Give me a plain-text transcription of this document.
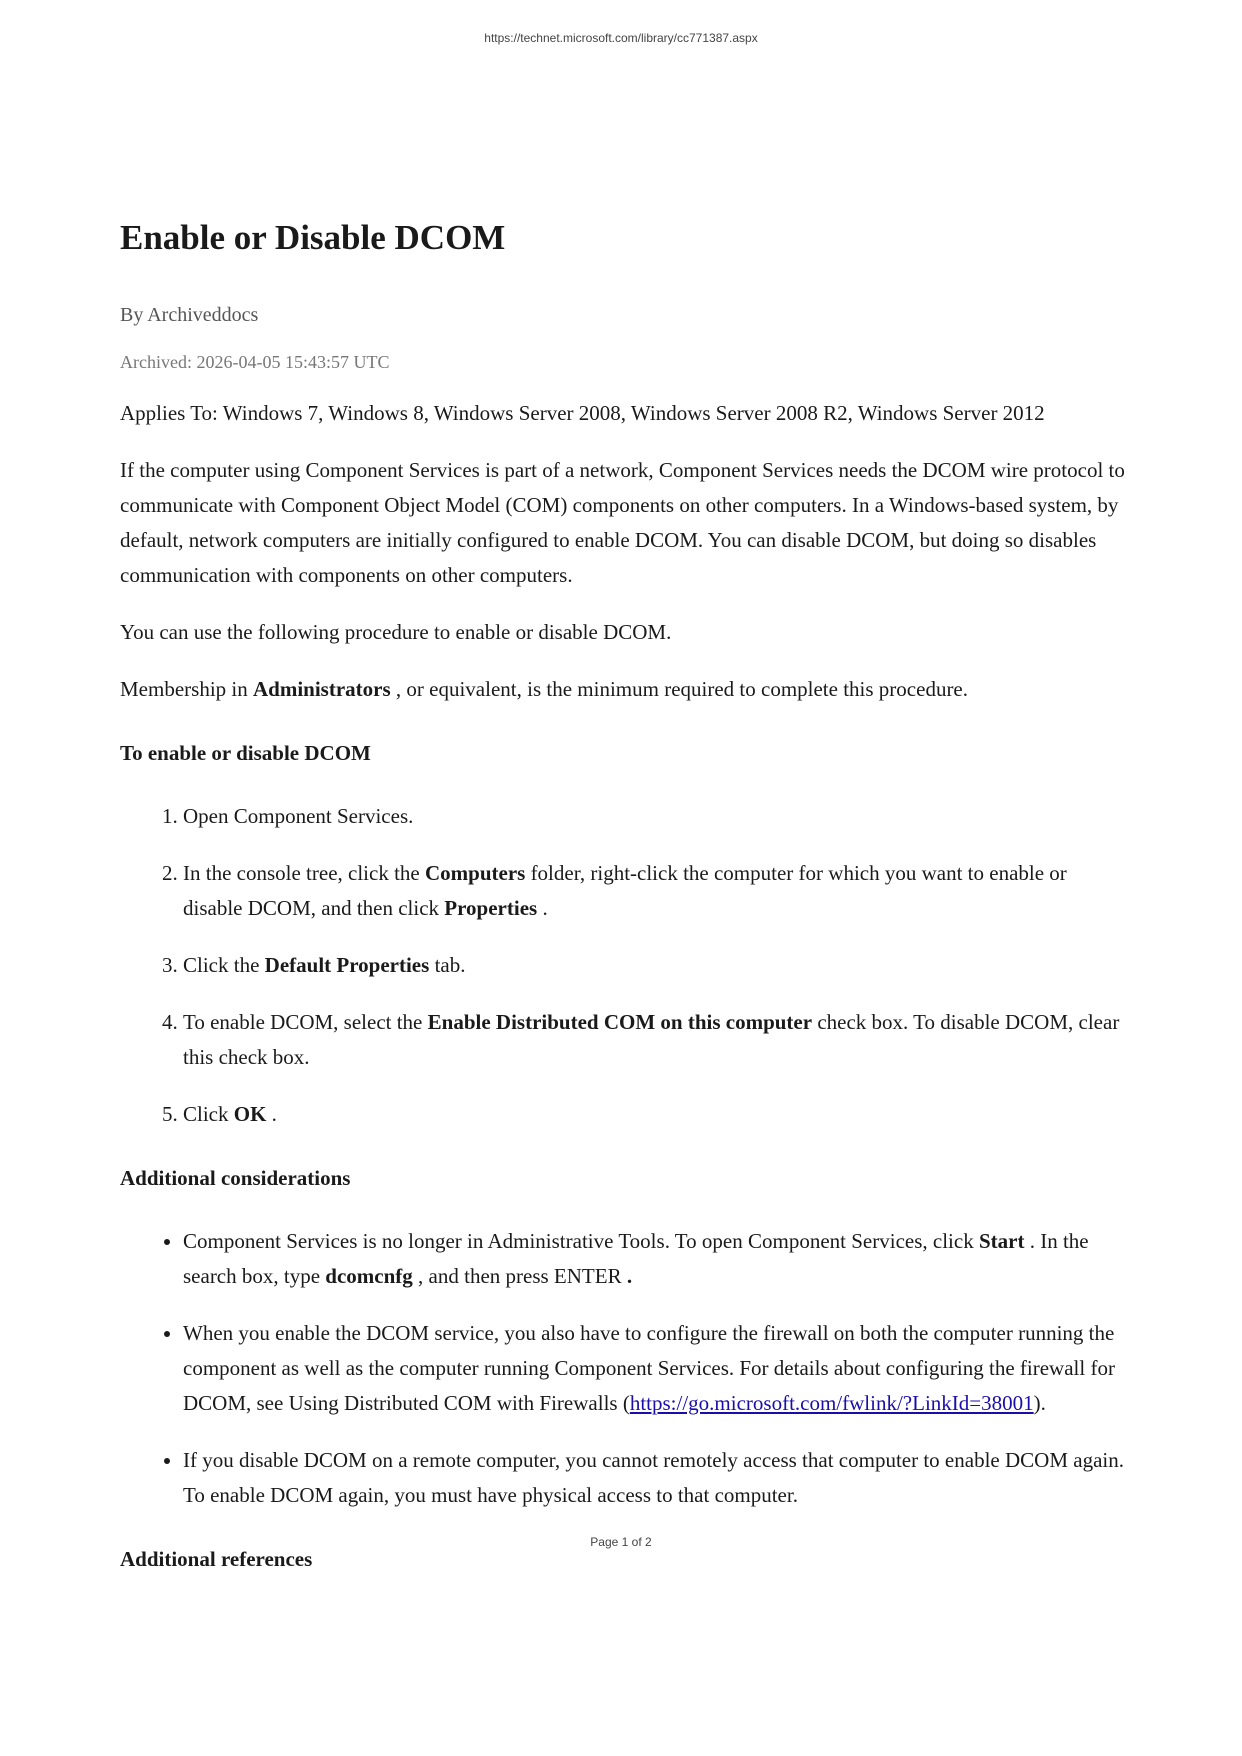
https://technet.microsoft.com/library/cc771387.aspx
Enable or Disable DCOM
By Archiveddocs
Archived: 2026-04-05 15:43:57 UTC

Applies To: Windows 7, Windows 8, Windows Server 2008, Windows Server 2008 R2, Windows Server 2012

If the computer using Component Services is part of a network, Component Services needs the DCOM wire protocol to communicate with Component Object Model (COM) components on other computers. In a Windows-based system, by default, network computers are initially configured to enable DCOM. You can disable DCOM, but doing so disables communication with components on other computers.

You can use the following procedure to enable or disable DCOM.

Membership in Administrators , or equivalent, is the minimum required to complete this procedure.

To enable or disable DCOM
1. Open Component Services.
2. In the console tree, click the Computers folder, right-click the computer for which you want to enable or disable DCOM, and then click Properties .
3. Click the Default Properties tab.
4. To enable DCOM, select the Enable Distributed COM on this computer check box. To disable DCOM, clear this check box.
5. Click OK .
Additional considerations
• Component Services is no longer in Administrative Tools. To open Component Services, click Start . In the search box, type dcomcnfg , and then press ENTER .
• When you enable the DCOM service, you also have to configure the firewall on both the computer running the component as well as the computer running Component Services. For details about configuring the firewall for DCOM, see Using Distributed COM with Firewalls (https://go.microsoft.com/fwlink/?LinkId=38001).
• If you disable DCOM on a remote computer, you cannot remotely access that computer to enable DCOM again. To enable DCOM again, you must have physical access to that computer.
Additional references
Page 1 of 2
